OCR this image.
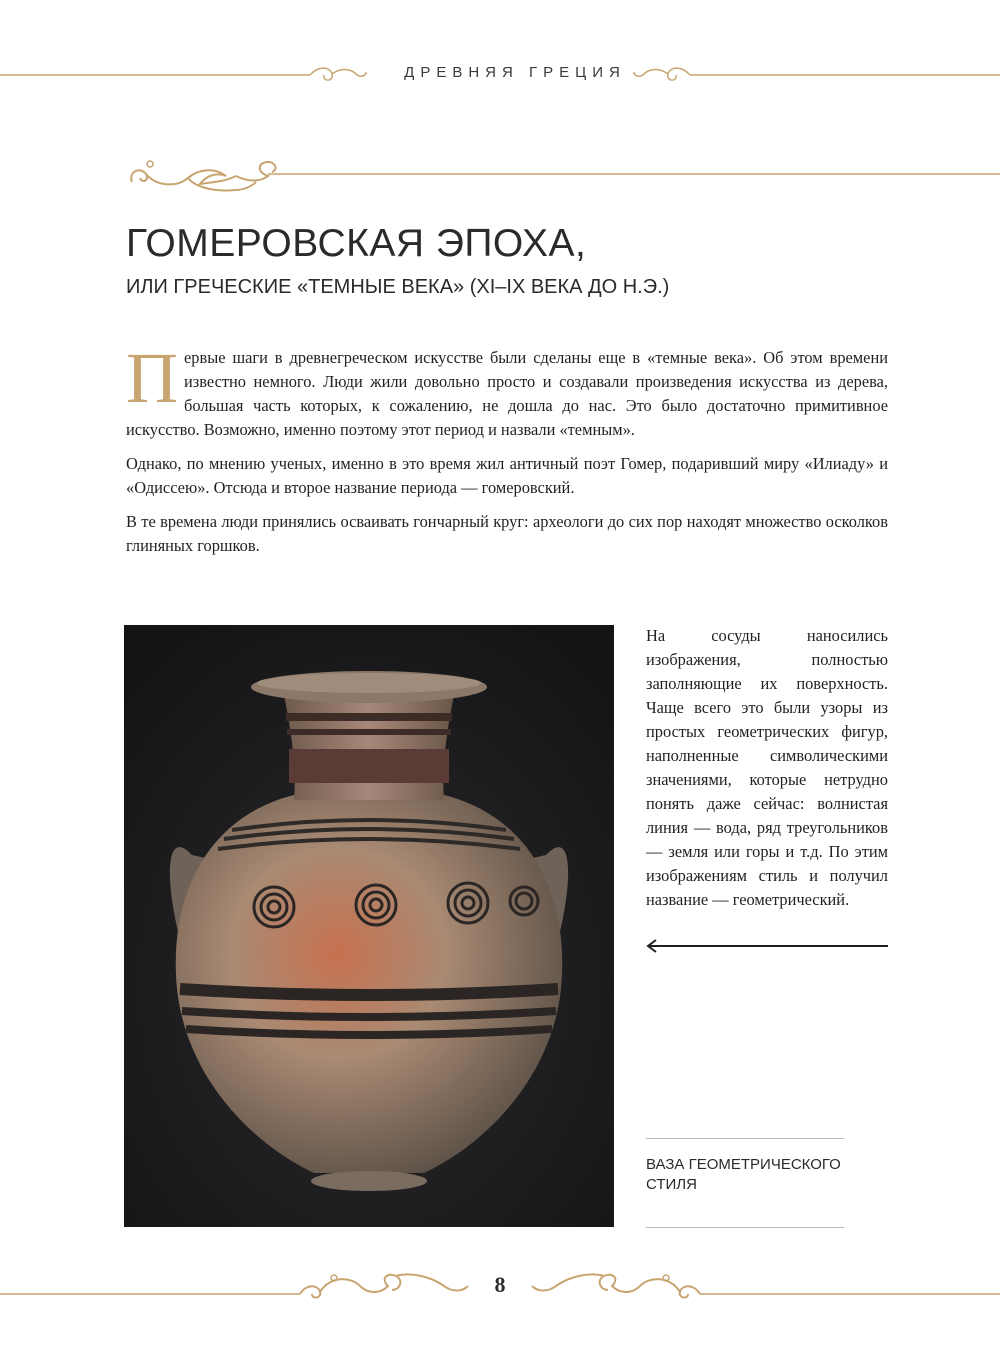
ДРЕВНЯЯ ГРЕЦИЯ
ГОМЕРОВСКАЯ ЭПОХА,
ИЛИ ГРЕЧЕСКИЕ «ТЕМНЫЕ ВЕКА» (XI–IX ВЕКА ДО Н.Э.)
Первые шаги в древнегреческом искусстве были сделаны еще в «темные века». Об этом времени известно немного. Люди жили довольно просто и создавали произведения искусства из дерева, большая часть которых, к сожалению, не дошла до нас. Это было достаточно примитивное искусство. Возможно, именно поэтому этот период и назвали «темным».
Однако, по мнению ученых, именно в это время жил античный поэт Гомер, подаривший миру «Илиаду» и «Одиссею». Отсюда и второе название периода — гомеровский.
В те времена люди принялись осваивать гончарный круг: археологи до сих пор находят множество осколков глиняных горшков.
На сосуды наносились изображения, полностью заполняющие их поверхность. Чаще всего это были узоры из простых геометрических фигур, наполненные символическими значениями, которые нетрудно понять даже сейчас: волнистая линия — вода, ряд треугольников — земля или горы и т.д. По этим изображениям стиль и получил название — геометрический.
ВАЗА ГЕОМЕТРИЧЕСКОГО СТИЛЯ
8
